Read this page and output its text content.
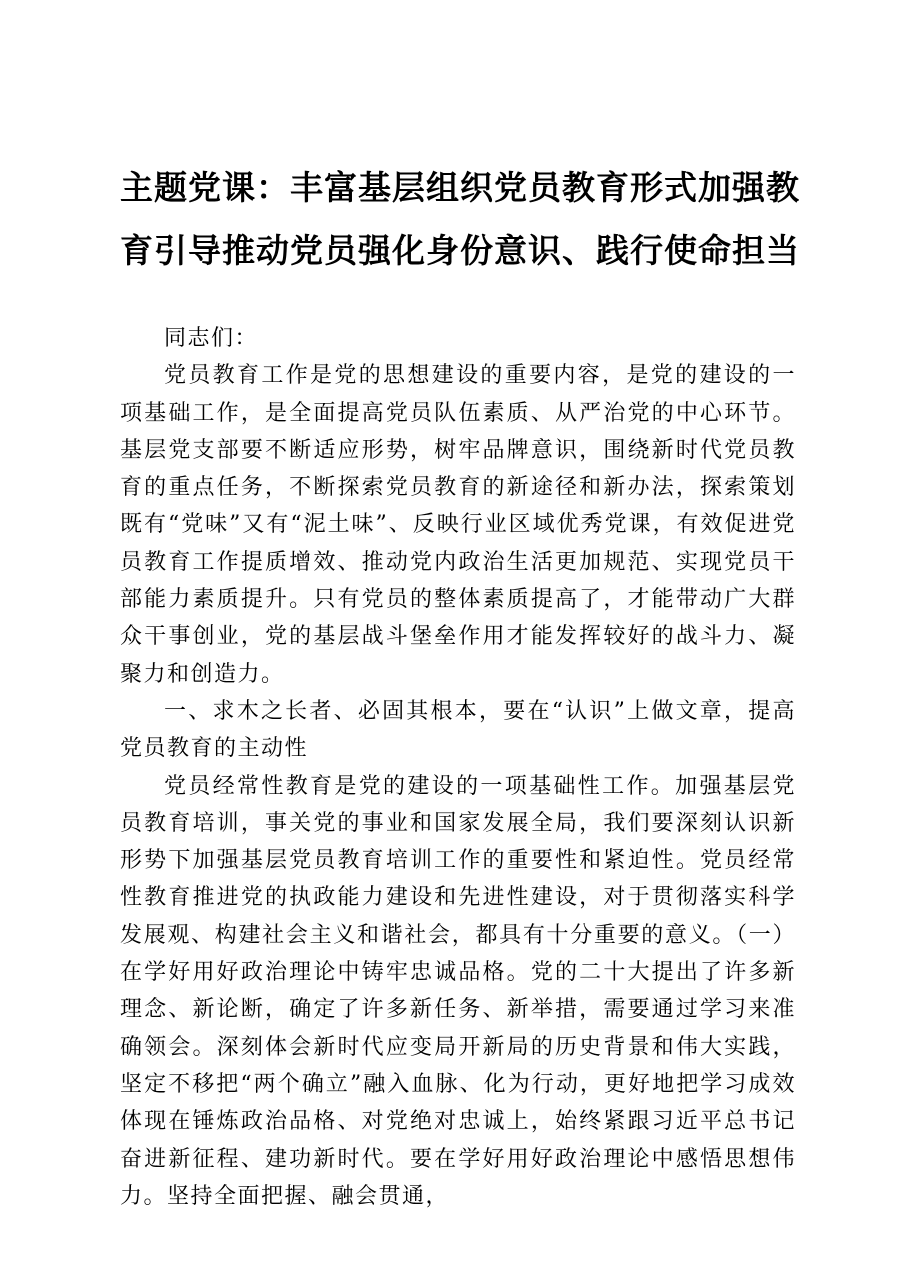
主题党课：丰富基层组织党员教育形式加强教
育引导推动党员强化身份意识、践行使命担当

同志们：

党员教育工作是党的思想建设的重要内容，是党的建设的一项基础工作，是全面提高党员队伍素质、从严治党的中心环节。基层党支部要不断适应形势，树牢品牌意识，围绕新时代党员教育的重点任务，不断探索党员教育的新途径和新办法，探索策划既有“党味”又有“泥土味”、反映行业区域优秀党课，有效促进党员教育工作提质增效、推动党内政治生活更加规范、实现党员干部能力素质提升。只有党员的整体素质提高了，才能带动广大群众干事创业，党的基层战斗堡垒作用才能发挥较好的战斗力、凝聚力和创造力。

一、求木之长者、必固其根本，要在“认识”上做文章，提高党员教育的主动性

党员经常性教育是党的建设的一项基础性工作。加强基层党员教育培训，事关党的事业和国家发展全局，我们要深刻认识新形势下加强基层党员教育培训工作的重要性和紧迫性。党员经常性教育推进党的执政能力建设和先进性建设，对于贯彻落实科学发展观、构建社会主义和谐社会，都具有十分重要的意义。（一）在学好用好政治理论中铸牢忠诚品格。党的二十大提出了许多新理念、新论断，确定了许多新任务、新举措，需要通过学习来准确领会。深刻体会新时代应变局开新局的历史背景和伟大实践，坚定不移把“两个确立”融入血脉、化为行动，更好地把学习成效体现在锤炼政治品格、对党绝对忠诚上，始终紧跟习近平总书记奋进新征程、建功新时代。要在学好用好政治理论中感悟思想伟力。坚持全面把握、融会贯通，
